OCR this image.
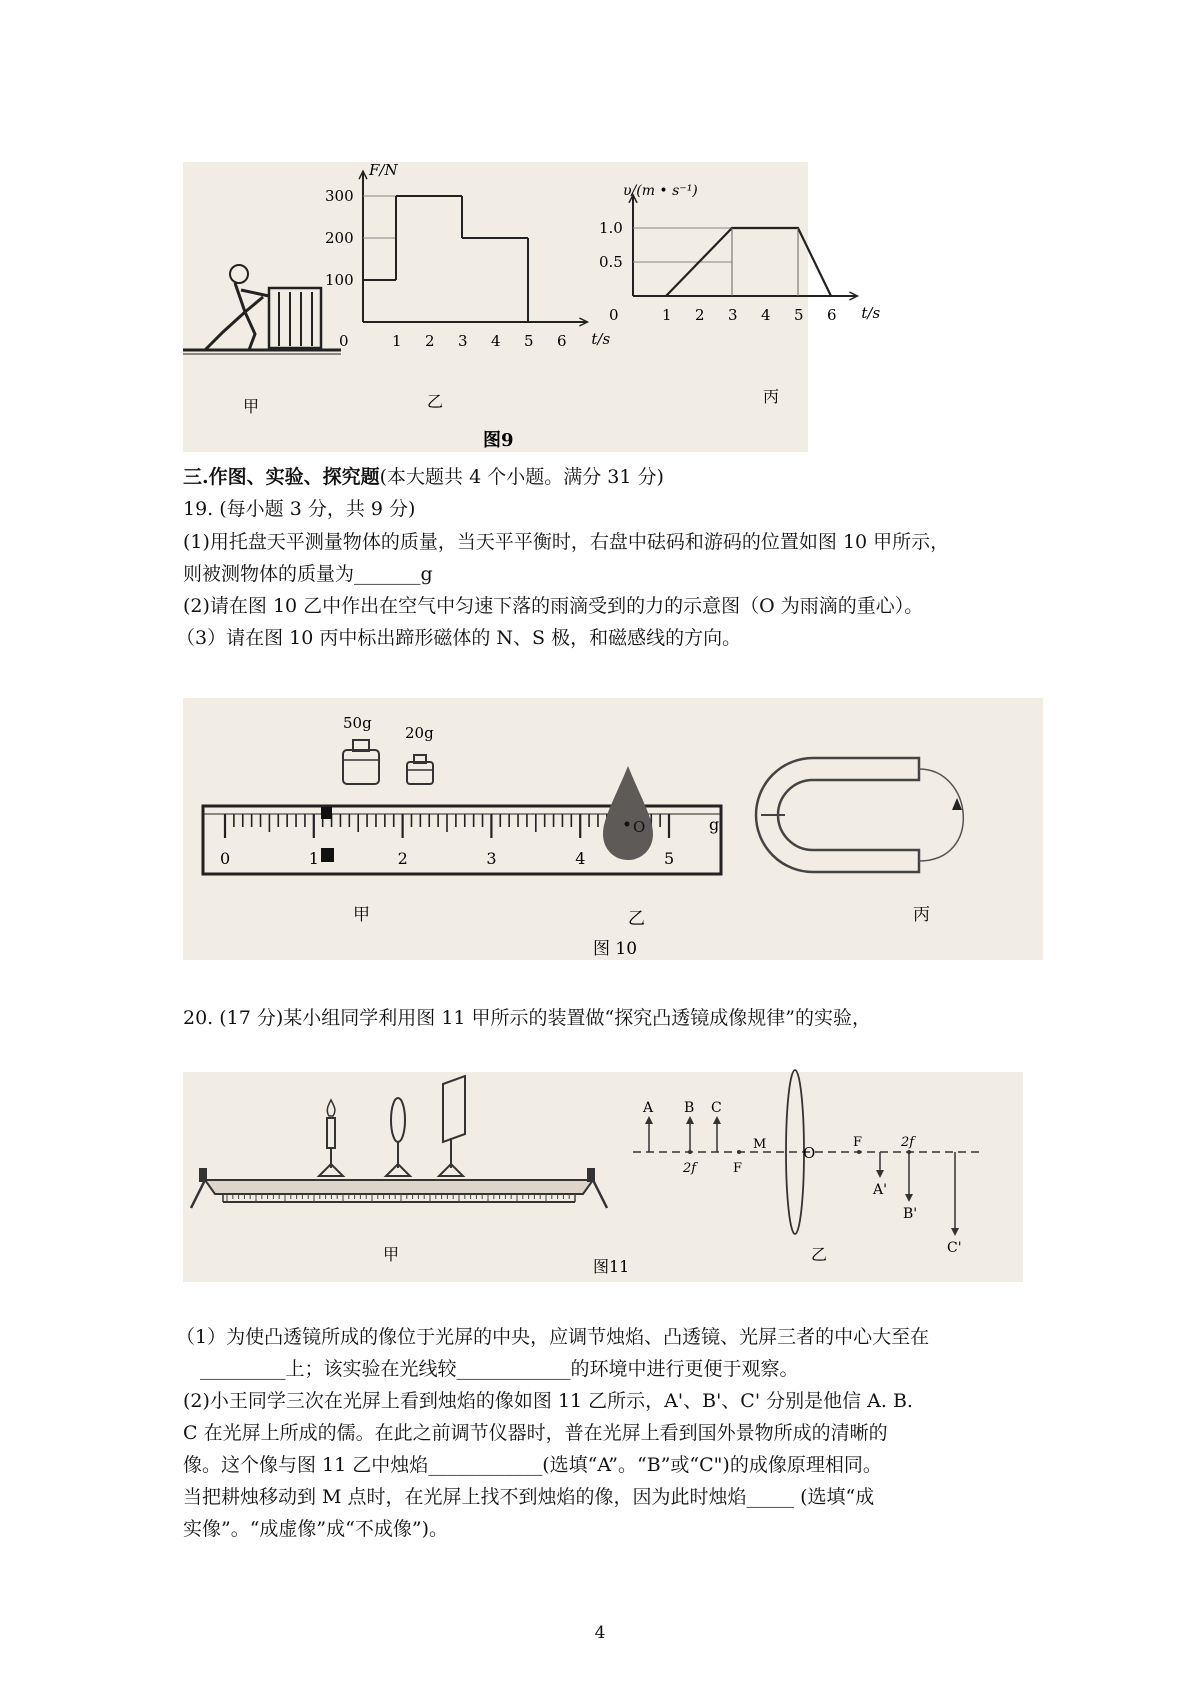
甲
F/N
t/s
0	1 2 3 4 5 6
100
200
300
乙
υ/(m • s⁻¹)
t/s
0	1 2 3 4 5 6
0.5
1.0
丙
图9
三.作图、实验、探究题(本大题共 4 个小题。满分 31 分)
19. (每小题 3 分，共 9 分)
(1)用托盘天平测量物体的质量，当天平平衡时，右盘中砝码和游码的位置如图 10 甲所示，
则被测物体的质量为_______g
(2)请在图 10 乙中作出在空气中匀速下落的雨滴受到的力的示意图（O 为雨滴的重心）。
（3）请在图 10 丙中标出蹄形磁体的 N、S 极，和磁感线的方向。
50g
20g
0	1	2	3	4	5
g
O
甲	乙	丙
图 10
20. (17 分)某小组同学利用图 11 甲所示的装置做“探究凸透镜成像规律”的实验，
甲
A B C
2f	F
M O
F	2f
A'
B'
C'
乙
图11
（1）为使凸透镜所成的像位于光屏的中央，应调节烛焰、凸透镜、光屏三者的中心大至在
_________上；该实验在光线较____________的环境中进行更便于观察。
(2)小王同学三次在光屏上看到烛焰的像如图 11 乙所示，A'、B'、C' 分别是他信 A. B.
C 在光屏上所成的儒。在此之前调节仪器时，普在光屏上看到国外景物所成的清晰的
像。这个像与图 11 乙中烛焰____________(选填“A”。“B”或“C")的成像原理相同。
当把耕烛移动到 M 点时，在光屏上找不到烛焰的像，因为此时烛焰_____ (选填“成
实像”。“成虚像”成“不成像”)。
4
